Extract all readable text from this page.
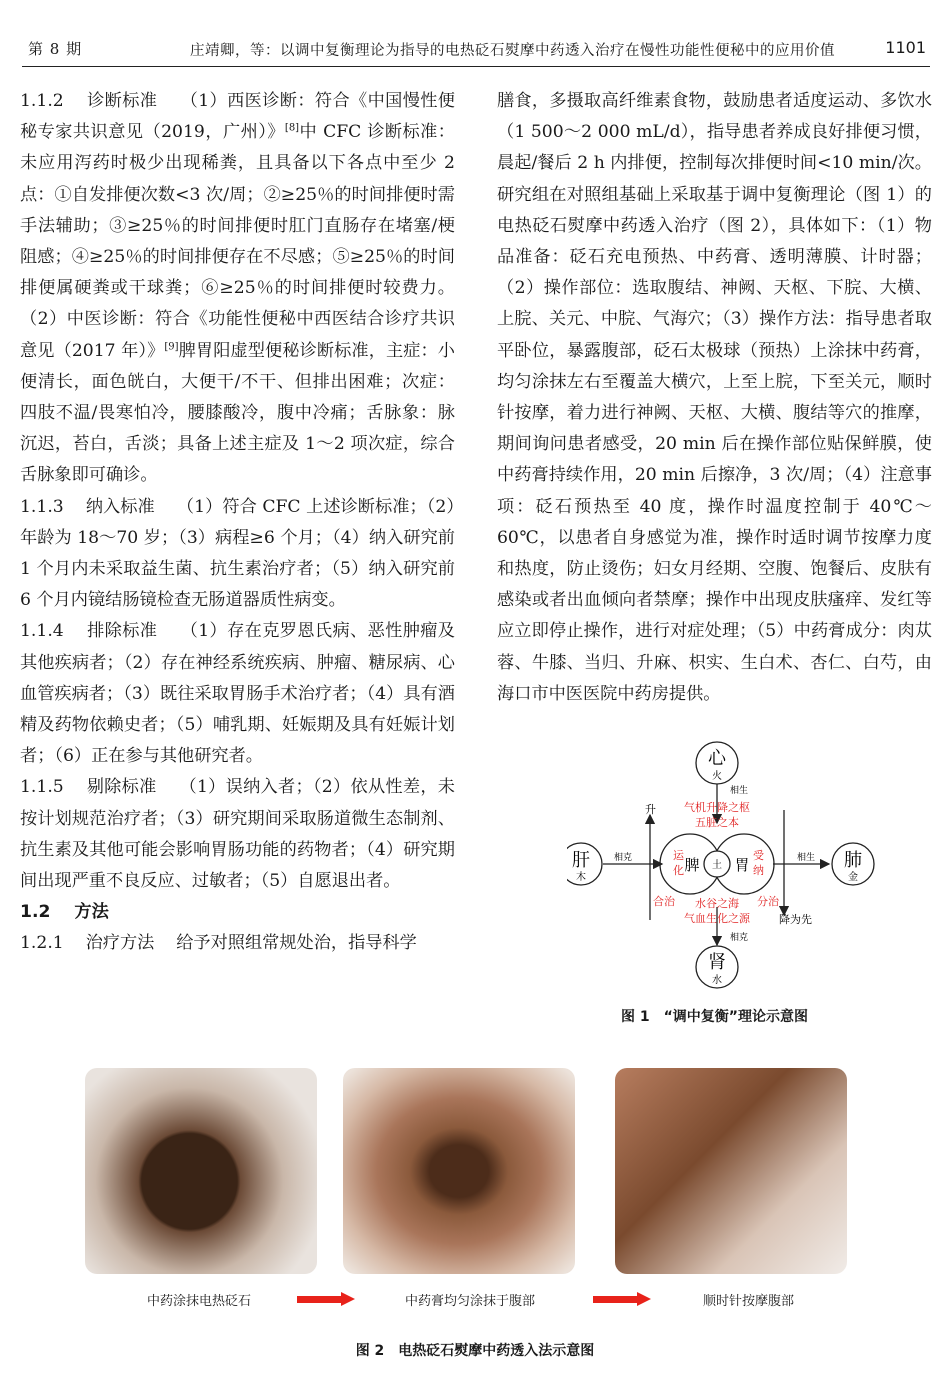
第 8 期	庄靖卿，等：以调中复衡理论为指导的电热砭石熨摩中药透入治疗在慢性功能性便秘中的应用价值	1101

1.1.2 诊断标准 （1）西医诊断：符合《中国慢性便秘专家共识意见（2019，广州）》[8]中 CFC 诊断标准：未应用泻药时极少出现稀粪，且具备以下各点中至少 2 点：①自发排便次数<3 次/周；②≥25％的时间排便时需手法辅助；③≥25％的时间排便时肛门直肠存在堵塞/梗阻感；④≥25％的时间排便存在不尽感；⑤≥25％的时间排便属硬粪或干球粪；⑥≥25％的时间排便时较费力。（2）中医诊断：符合《功能性便秘中西医结合诊疗共识意见（2017 年）》[9]脾胃阳虚型便秘诊断标准，主症：小便清长，面色㿠白，大便干/不干、但排出困难；次症：四肢不温/畏寒怕冷，腰膝酸冷，腹中冷痛；舌脉象：脉沉迟，苔白，舌淡；具备上述主症及 1～2 项次症，综合舌脉象即可确诊。

1.1.3 纳入标准 （1）符合 CFC 上述诊断标准；（2）年龄为 18～70 岁；（3）病程≥6 个月；（4）纳入研究前 1 个月内未采取益生菌、抗生素治疗者；（5）纳入研究前 6 个月内镜结肠镜检查无肠道器质性病变。

1.1.4 排除标准 （1）存在克罗恩氏病、恶性肿瘤及其他疾病者；（2）存在神经系统疾病、肿瘤、糖尿病、心血管疾病者；（3）既往采取胃肠手术治疗者；（4）具有酒精及药物依赖史者；（5）哺乳期、妊娠期及具有妊娠计划者；（6）正在参与其他研究者。

1.1.5 剔除标准 （1）误纳入者；（2）依从性差，未按计划规范治疗者；（3）研究期间采取肠道微生态制剂、抗生素及其他可能会影响胃肠功能的药物者；（4）研究期间出现严重不良反应、过敏者；（5）自愿退出者。

1.2 方法

1.2.1 治疗方法 给予对照组常规处治，指导科学

膳食，多摄取高纤维素食物，鼓励患者适度运动、多饮水（1 500～2 000 mL/d），指导患者养成良好排便习惯，晨起/餐后 2 h 内排便，控制每次排便时间<10 min/次。研究组在对照组基础上采取基于调中复衡理论（图 1）的电热砭石熨摩中药透入治疗（图 2），具体如下：（1）物品准备：砭石充电预热、中药膏、透明薄膜、计时器；（2）操作部位：选取腹结、神阙、天枢、下脘、大横、上脘、关元、中脘、气海穴；（3）操作方法：指导患者取平卧位，暴露腹部，砭石太极球（预热）上涂抹中药膏，均匀涂抹左右至覆盖大横穴，上至上脘，下至关元，顺时针按摩，着力进行神阙、天枢、大横、腹结等穴的推摩，期间询问患者感受，20 min 后在操作部位贴保鲜膜，使中药膏持续作用，20 min 后擦净，3 次/周；（4）注意事项：砭石预热至 40 度，操作时温度控制于 40℃～60℃，以患者自身感觉为准，操作时适时调节按摩力度和热度，防止烫伤；妇女月经期、空腹、饱餐后、皮肤有感染或者出血倾向者禁摩；操作中出现皮肤瘙痒、发红等应立即停止操作，进行对症处理；（5）中药膏成分：肉苁蓉、牛膝、当归、升麻、枳实、生白术、杏仁、白芍，由海口市中医医院中药房提供。

心
火
肝
木
肺
金
肾
水
脾 胃
土
相生
相生
相克
相克
升
降为先
气机升降之枢
五脏之本
运
化
受
纳
合治	分治
水谷之海
气血生化之源
图 1　“调中复衡”理论示意图
中药涂抹电热砭石	中药膏均匀涂抹于腹部	顺时针按摩腹部
图 2　电热砭石熨摩中药透入法示意图
